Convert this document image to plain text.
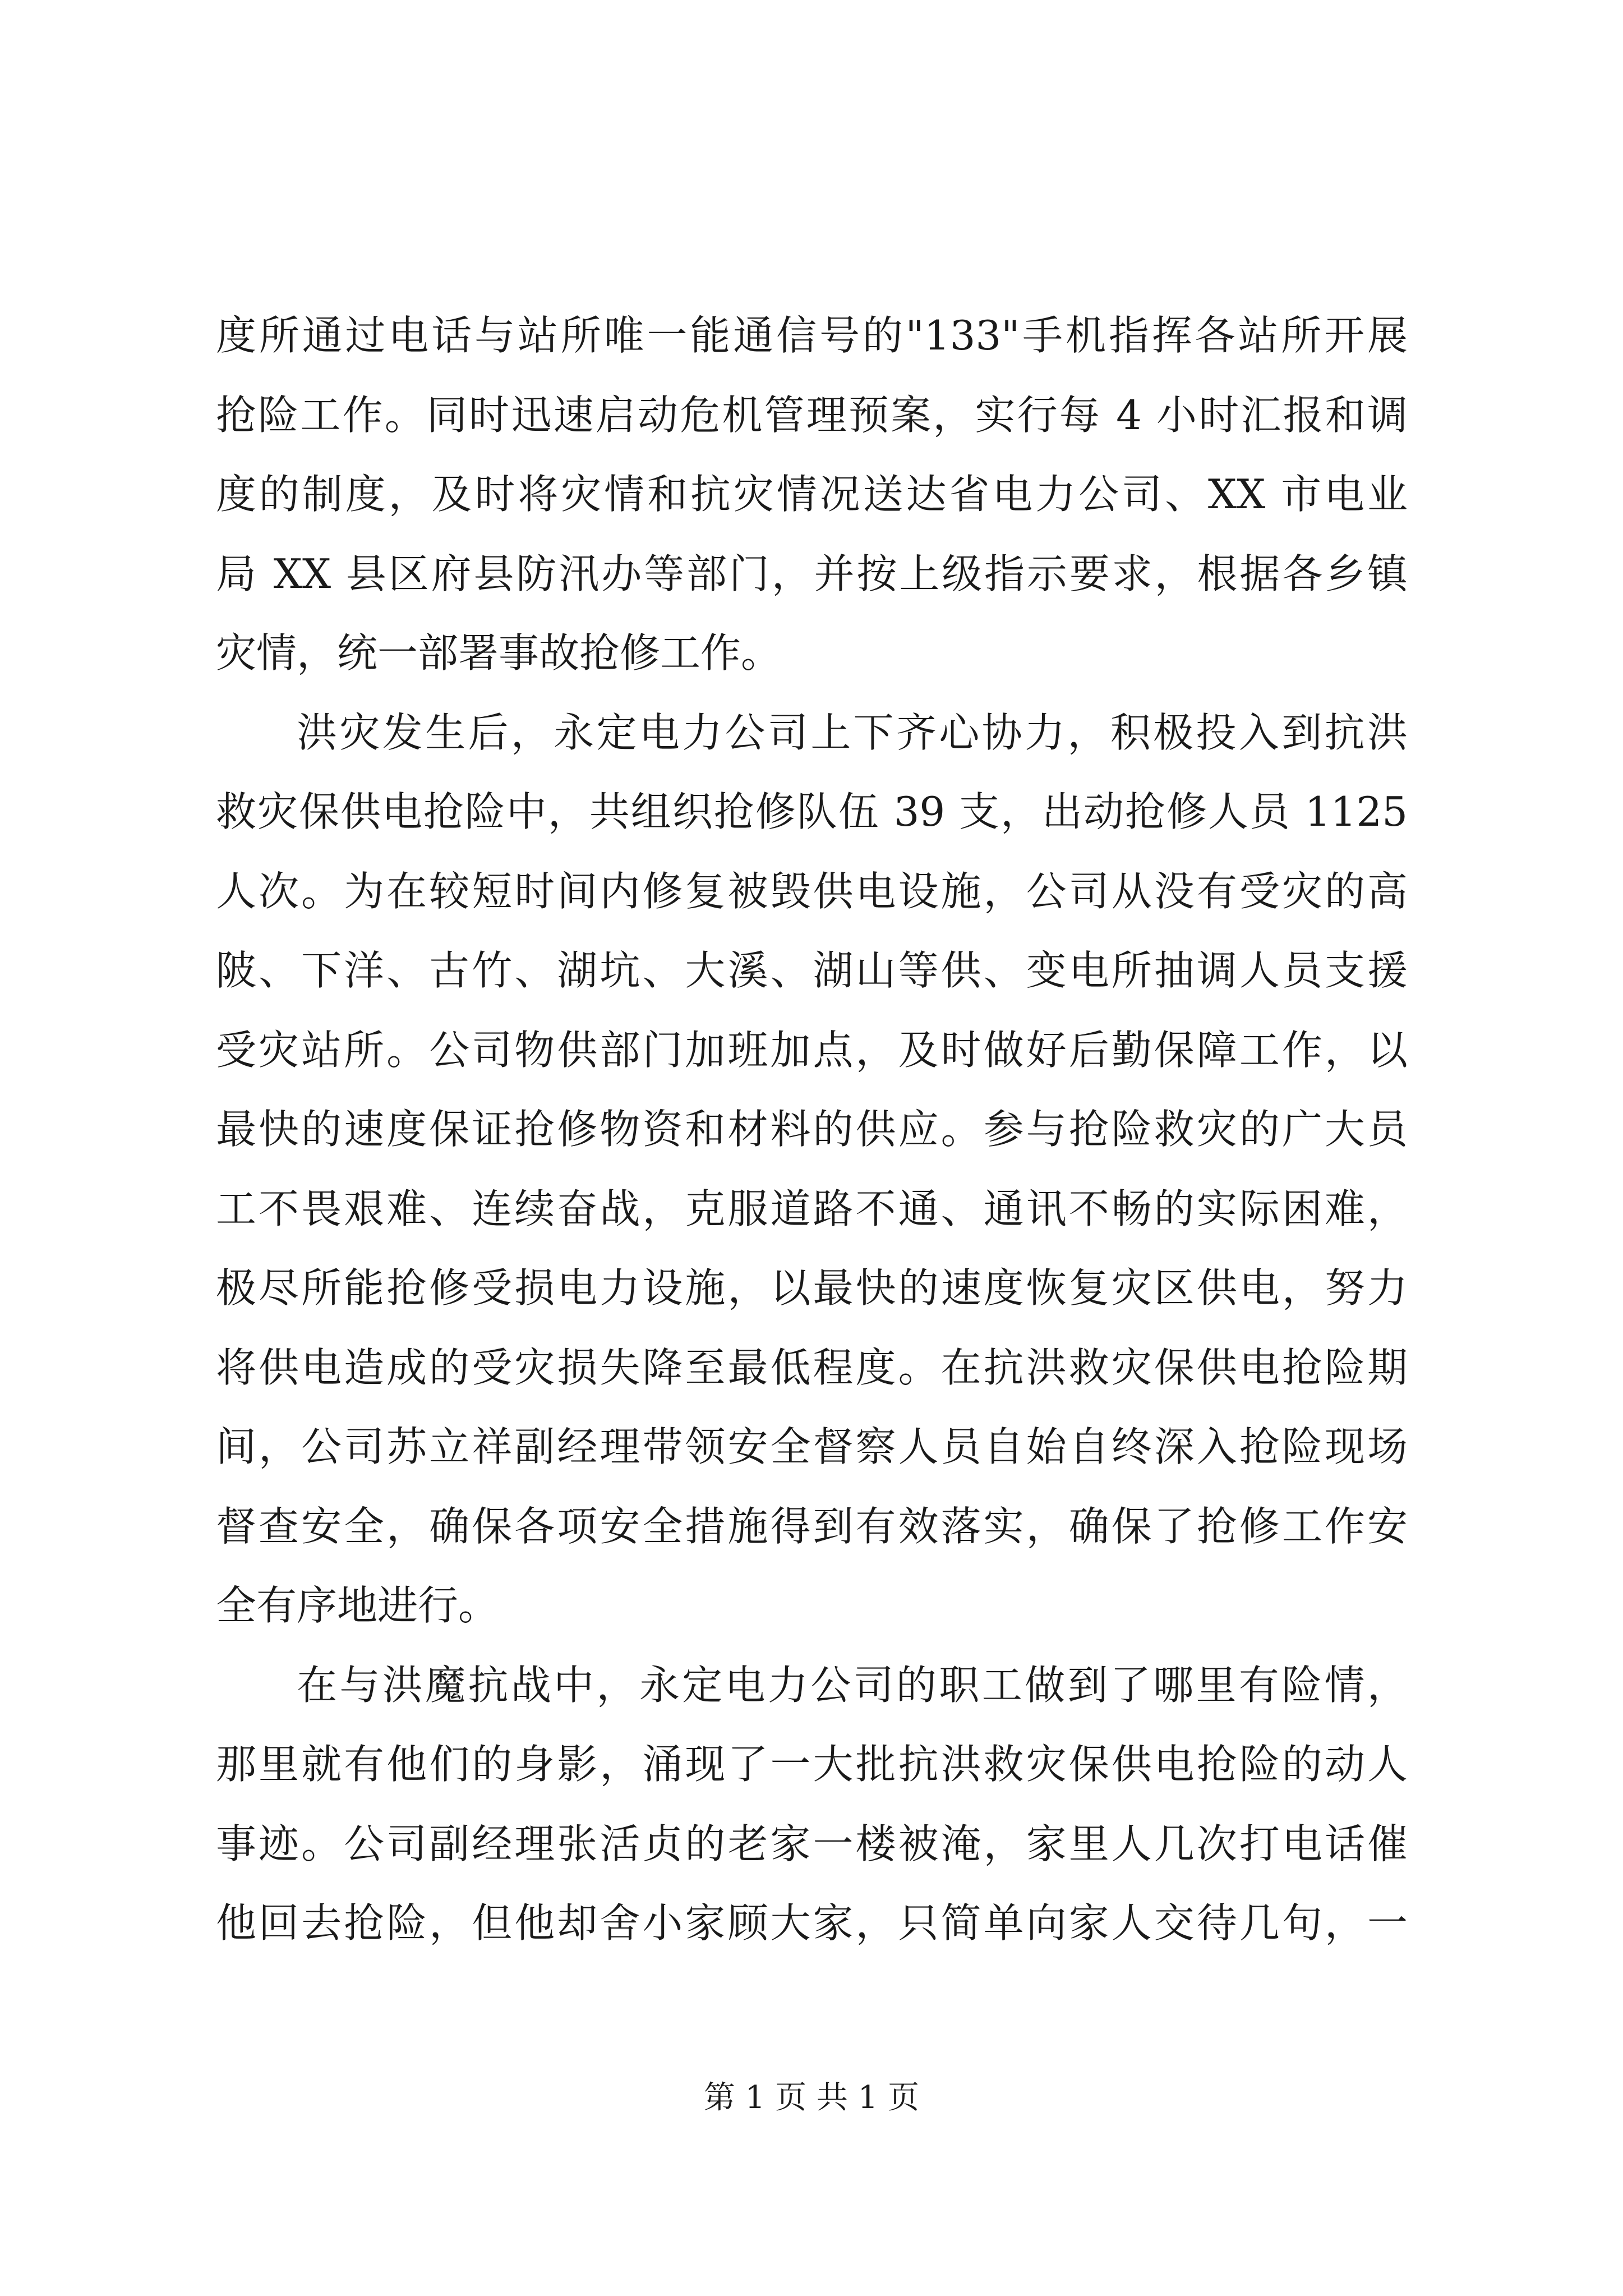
度所通过电话与站所唯一能通信号的"133"手机指挥各站所开展
抢险工作。同时迅速启动危机管理预案，实行每 4 小时汇报和调
度的制度，及时将灾情和抗灾情况送达省电力公司、XX 市电业
局 XX 县区府县防汛办等部门，并按上级指示要求，根据各乡镇
灾情，统一部署事故抢修工作。
洪灾发生后，永定电力公司上下齐心协力，积极投入到抗洪
救灾保供电抢险中，共组织抢修队伍 39 支，出动抢修人员 1125
人次。为在较短时间内修复被毁供电设施，公司从没有受灾的高
陂、下洋、古竹、湖坑、大溪、湖山等供、变电所抽调人员支援
受灾站所。公司物供部门加班加点，及时做好后勤保障工作，以
最快的速度保证抢修物资和材料的供应。参与抢险救灾的广大员
工不畏艰难、连续奋战，克服道路不通、通讯不畅的实际困难，
极尽所能抢修受损电力设施，以最快的速度恢复灾区供电，努力
将供电造成的受灾损失降至最低程度。在抗洪救灾保供电抢险期
间，公司苏立祥副经理带领安全督察人员自始自终深入抢险现场
督查安全，确保各项安全措施得到有效落实，确保了抢修工作安
全有序地进行。
在与洪魔抗战中，永定电力公司的职工做到了哪里有险情，
那里就有他们的身影，涌现了一大批抗洪救灾保供电抢险的动人
事迹。公司副经理张活贞的老家一楼被淹，家里人几次打电话催
他回去抢险，但他却舍小家顾大家，只简单向家人交待几句，一
第 1 页 共 1 页
